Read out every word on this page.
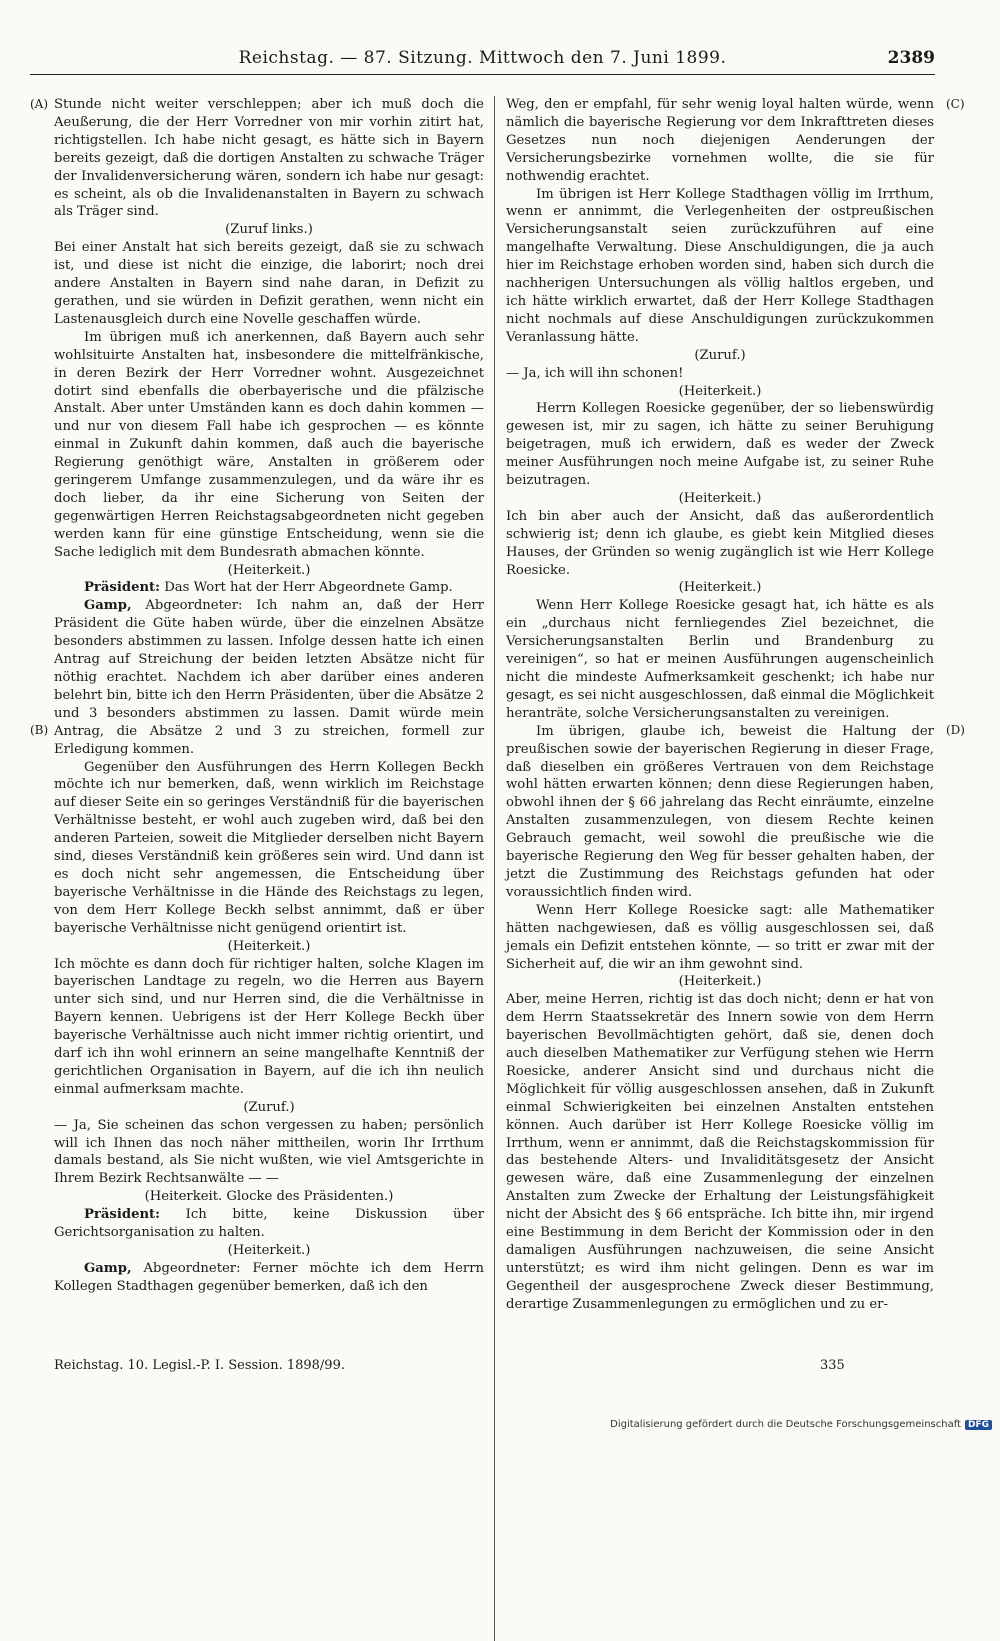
Reichstag. — 87. Sitzung. Mittwoch den 7. Juni 1899.	2389
(A)
(B)
(C)
(D)

Stunde nicht weiter verschleppen; aber ich muß doch die Aeußerung, die der Herr Vorredner von mir vorhin zitirt hat, richtigstellen. Ich habe nicht gesagt, es hätte sich in Bayern bereits gezeigt, daß die dortigen Anstalten zu schwache Träger der Invalidenversicherung wären, sondern ich habe nur gesagt: es scheint, als ob die Invalidenanstalten in Bayern zu schwach als Träger sind.

(Zuruf links.)

Bei einer Anstalt hat sich bereits gezeigt, daß sie zu schwach ist, und diese ist nicht die einzige, die laborirt; noch drei andere Anstalten in Bayern sind nahe daran, in Defizit zu gerathen, und sie würden in Defizit gerathen, wenn nicht ein Lastenausgleich durch eine Novelle geschaffen würde.

Im übrigen muß ich anerkennen, daß Bayern auch sehr wohlsituirte Anstalten hat, insbesondere die mittelfränkische, in deren Bezirk der Herr Vorredner wohnt. Ausgezeichnet dotirt sind ebenfalls die oberbayerische und die pfälzische Anstalt. Aber unter Umständen kann es doch dahin kommen — und nur von diesem Fall habe ich gesprochen — es könnte einmal in Zukunft dahin kommen, daß auch die bayerische Regierung genöthigt wäre, Anstalten in größerem oder geringerem Umfange zusammenzulegen, und da wäre ihr es doch lieber, da ihr eine Sicherung von Seiten der gegenwärtigen Herren Reichstagsabgeordneten nicht gegeben werden kann für eine günstige Entscheidung, wenn sie die Sache lediglich mit dem Bundesrath abmachen könnte.

(Heiterkeit.)

Präsident: Das Wort hat der Herr Abgeordnete Gamp.

Gamp, Abgeordneter: Ich nahm an, daß der Herr Präsident die Güte haben würde, über die einzelnen Absätze besonders abstimmen zu lassen. Infolge dessen hatte ich einen Antrag auf Streichung der beiden letzten Absätze nicht für nöthig erachtet. Nachdem ich aber darüber eines anderen belehrt bin, bitte ich den Herrn Präsidenten, über die Absätze 2 und 3 besonders abstimmen zu lassen. Damit würde mein Antrag, die Absätze 2 und 3 zu streichen, formell zur Erledigung kommen.

Gegenüber den Ausführungen des Herrn Kollegen Beckh möchte ich nur bemerken, daß, wenn wirklich im Reichstage auf dieser Seite ein so geringes Verständniß für die bayerischen Verhältnisse besteht, er wohl auch zugeben wird, daß bei den anderen Parteien, soweit die Mitglieder derselben nicht Bayern sind, dieses Verständniß kein größeres sein wird. Und dann ist es doch nicht sehr angemessen, die Entscheidung über bayerische Verhältnisse in die Hände des Reichstags zu legen, von dem Herr Kollege Beckh selbst annimmt, daß er über bayerische Verhältnisse nicht genügend orientirt ist.

(Heiterkeit.)

Ich möchte es dann doch für richtiger halten, solche Klagen im bayerischen Landtage zu regeln, wo die Herren aus Bayern unter sich sind, und nur Herren sind, die die Verhältnisse in Bayern kennen. Uebrigens ist der Herr Kollege Beckh über bayerische Verhältnisse auch nicht immer richtig orientirt, und darf ich ihn wohl erinnern an seine mangelhafte Kenntniß der gerichtlichen Organisation in Bayern, auf die ich ihn neulich einmal aufmerksam machte.

(Zuruf.)

— Ja, Sie scheinen das schon vergessen zu haben; persönlich will ich Ihnen das noch näher mittheilen, worin Ihr Irrthum damals bestand, als Sie nicht wußten, wie viel Amtsgerichte in Ihrem Bezirk Rechtsanwälte — —

(Heiterkeit. Glocke des Präsidenten.)

Präsident: Ich bitte, keine Diskussion über Gerichtsorganisation zu halten.

(Heiterkeit.)

Gamp, Abgeordneter: Ferner möchte ich dem Herrn Kollegen Stadthagen gegenüber bemerken, daß ich den

Weg, den er empfahl, für sehr wenig loyal halten würde, wenn nämlich die bayerische Regierung vor dem Inkrafttreten dieses Gesetzes nun noch diejenigen Aenderungen der Versicherungsbezirke vornehmen wollte, die sie für nothwendig erachtet.

Im übrigen ist Herr Kollege Stadthagen völlig im Irrthum, wenn er annimmt, die Verlegenheiten der ostpreußischen Versicherungsanstalt seien zurückzuführen auf eine mangelhafte Verwaltung. Diese Anschuldigungen, die ja auch hier im Reichstage erhoben worden sind, haben sich durch die nachherigen Untersuchungen als völlig haltlos ergeben, und ich hätte wirklich erwartet, daß der Herr Kollege Stadthagen nicht nochmals auf diese Anschuldigungen zurückzukommen Veranlassung hätte.

(Zuruf.)

— Ja, ich will ihn schonen!

(Heiterkeit.)

Herrn Kollegen Roesicke gegenüber, der so liebenswürdig gewesen ist, mir zu sagen, ich hätte zu seiner Beruhigung beigetragen, muß ich erwidern, daß es weder der Zweck meiner Ausführungen noch meine Aufgabe ist, zu seiner Ruhe beizutragen.

(Heiterkeit.)

Ich bin aber auch der Ansicht, daß das außerordentlich schwierig ist; denn ich glaube, es giebt kein Mitglied dieses Hauses, der Gründen so wenig zugänglich ist wie Herr Kollege Roesicke.

(Heiterkeit.)

Wenn Herr Kollege Roesicke gesagt hat, ich hätte es als ein „durchaus nicht fernliegendes Ziel bezeichnet, die Versicherungsanstalten Berlin und Brandenburg zu vereinigen“, so hat er meinen Ausführungen augenscheinlich nicht die mindeste Aufmerksamkeit geschenkt; ich habe nur gesagt, es sei nicht ausgeschlossen, daß einmal die Möglichkeit heranträte, solche Versicherungsanstalten zu vereinigen.

Im übrigen, glaube ich, beweist die Haltung der preußischen sowie der bayerischen Regierung in dieser Frage, daß dieselben ein größeres Vertrauen von dem Reichstage wohl hätten erwarten können; denn diese Regierungen haben, obwohl ihnen der § 66 jahrelang das Recht einräumte, einzelne Anstalten zusammenzulegen, von diesem Rechte keinen Gebrauch gemacht, weil sowohl die preußische wie die bayerische Regierung den Weg für besser gehalten haben, der jetzt die Zustimmung des Reichstags gefunden hat oder voraussichtlich finden wird.

Wenn Herr Kollege Roesicke sagt: alle Mathematiker hätten nachgewiesen, daß es völlig ausgeschlossen sei, daß jemals ein Defizit entstehen könnte, — so tritt er zwar mit der Sicherheit auf, die wir an ihm gewohnt sind.

(Heiterkeit.)

Aber, meine Herren, richtig ist das doch nicht; denn er hat von dem Herrn Staatssekretär des Innern sowie von dem Herrn bayerischen Bevollmächtigten gehört, daß sie, denen doch auch dieselben Mathematiker zur Verfügung stehen wie Herrn Roesicke, anderer Ansicht sind und durchaus nicht die Möglichkeit für völlig ausgeschlossen ansehen, daß in Zukunft einmal Schwierigkeiten bei einzelnen Anstalten entstehen können. Auch darüber ist Herr Kollege Roesicke völlig im Irrthum, wenn er annimmt, daß die Reichstagskommission für das bestehende Alters- und Invaliditätsgesetz der Ansicht gewesen wäre, daß eine Zusammenlegung der einzelnen Anstalten zum Zwecke der Erhaltung der Leistungsfähigkeit nicht der Absicht des § 66 entspräche. Ich bitte ihn, mir irgend eine Bestimmung in dem Bericht der Kommission oder in den damaligen Ausführungen nachzuweisen, die seine Ansicht unterstützt; es wird ihm nicht gelingen. Denn es war im Gegentheil der ausgesprochene Zweck dieser Bestimmung, derartige Zusammenlegungen zu ermöglichen und zu er-

Reichstag. 10. Legisl.-P. I. Session. 1898/99.	335
Digitalisierung gefördert durch die Deutsche Forschungsgemeinschaft DFG
